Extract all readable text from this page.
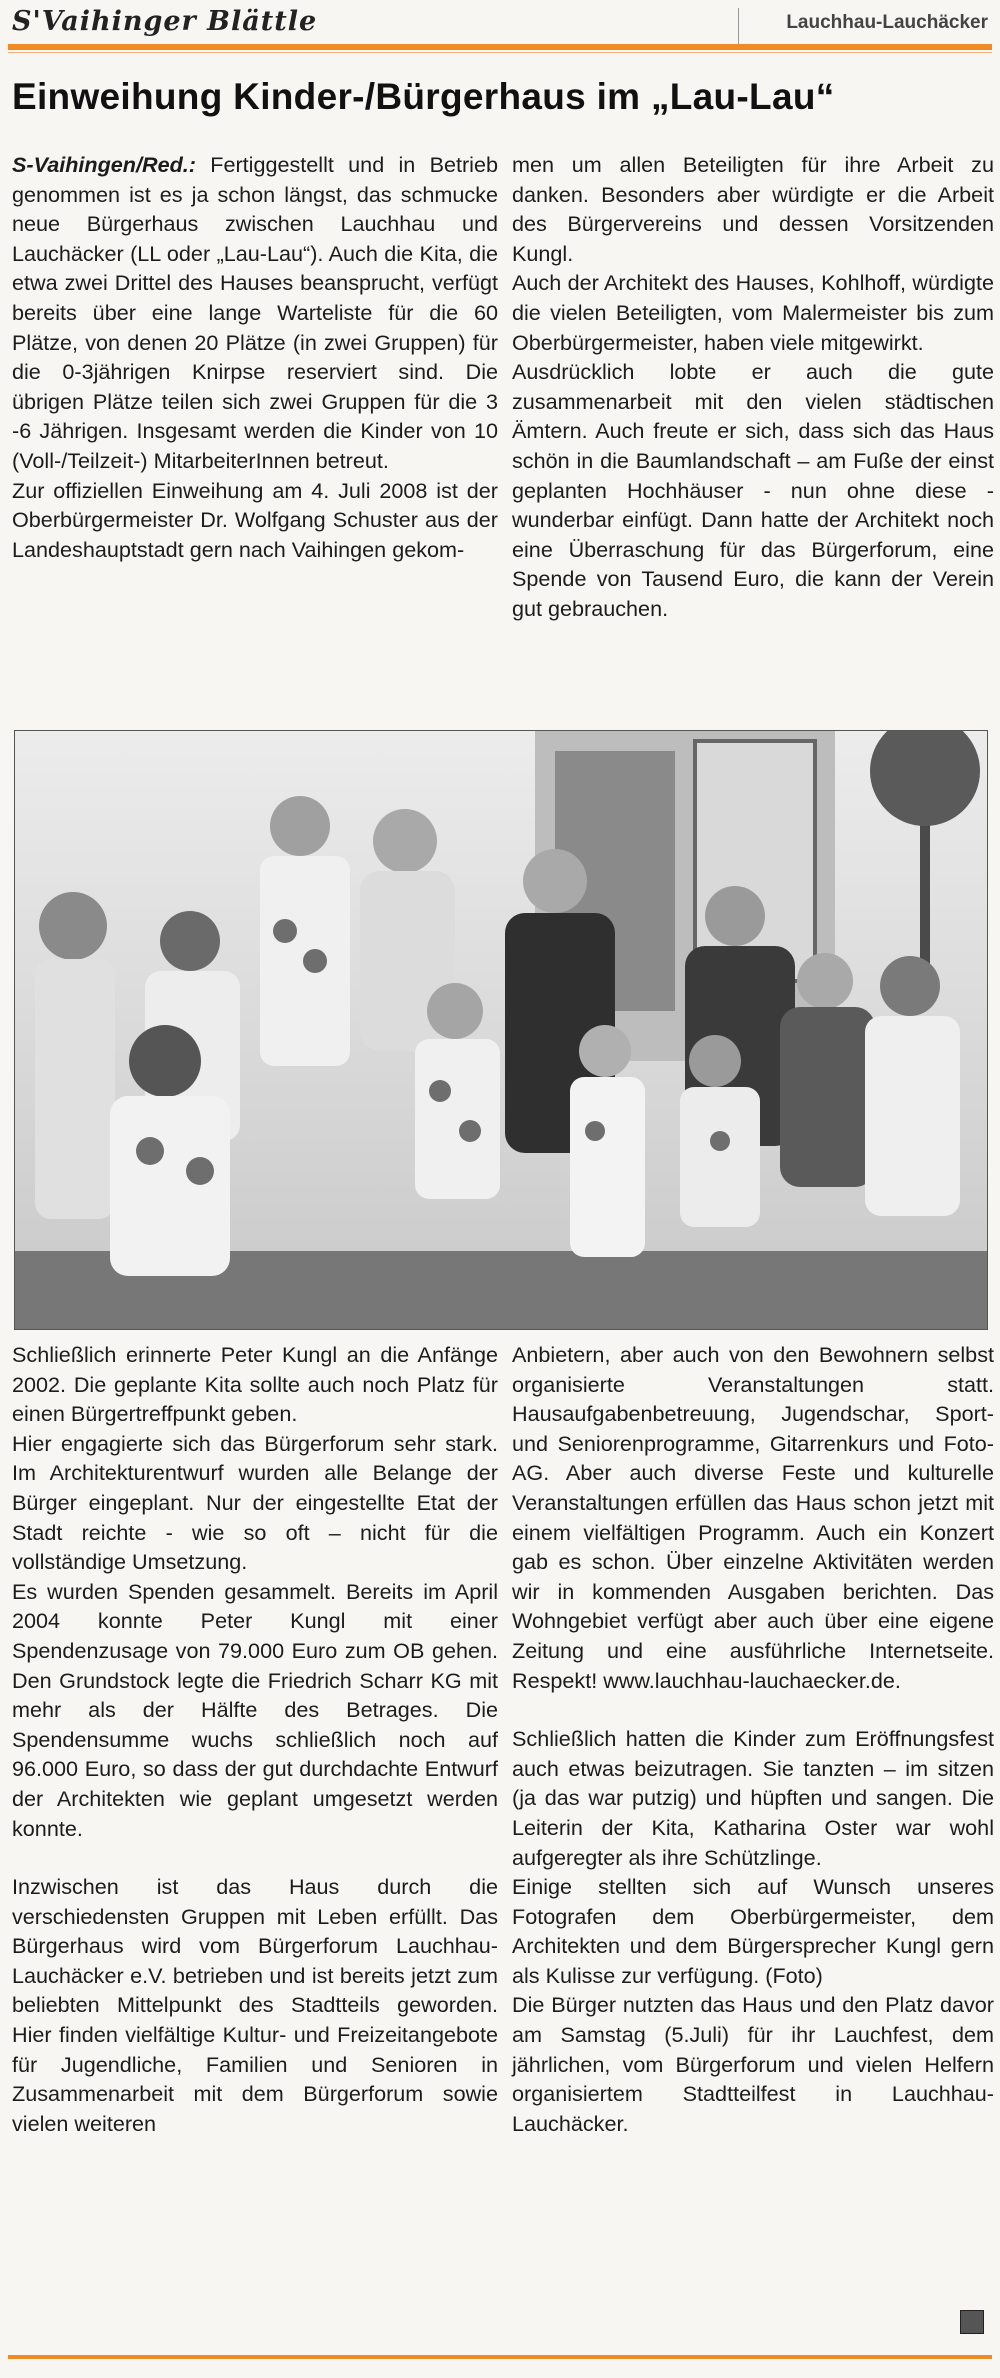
S'Vaihinger Blättle	Lauchhau-Lauchäcker
Einweihung Kinder-/Bürgerhaus im „Lau-Lau“

S-Vaihingen/Red.: Fertiggestellt und in Betrieb genommen ist es ja schon längst, das schmucke neue Bürgerhaus zwischen Lauchhau und Lauchäcker (LL oder „Lau-Lau“). Auch die Kita, die etwa zwei Drittel des Hauses beansprucht, verfügt bereits über eine lange Warteliste für die 60 Plätze, von denen 20 Plätze (in zwei Gruppen) für die 0-3jährigen Knirpse reserviert sind. Die übrigen Plätze teilen sich zwei Gruppen für die 3 -6 Jährigen. Insgesamt werden die Kinder von 10 (Voll-/Teilzeit-) MitarbeiterInnen betreut.

Zur offiziellen Einweihung am 4. Juli 2008 ist der Oberbürgermeister Dr. Wolfgang Schuster aus der Landeshauptstadt gern nach Vaihingen gekom-

men um allen Beteiligten für ihre Arbeit zu danken. Besonders aber würdigte er die Arbeit des Bürgervereins und dessen Vorsitzenden Kungl.

Auch der Architekt des Hauses, Kohlhoff, würdigte die vielen Beteiligten, vom Malermeister bis zum Oberbürgermeister, haben viele mitgewirkt.

Ausdrücklich lobte er auch die gute zusammenarbeit mit den vielen städtischen Ämtern. Auch freute er sich, dass sich das Haus schön in die Baumlandschaft – am Fuße der einst geplanten Hochhäuser - nun ohne diese - wunderbar einfügt. Dann hatte der Architekt noch eine Überraschung für das Bürgerforum, eine Spende von Tausend Euro, die kann der Verein gut gebrauchen.

Schließlich erinnerte Peter Kungl an die Anfänge 2002. Die geplante Kita sollte auch noch Platz für einen Bürgertreffpunkt geben.

Hier engagierte sich das Bürgerforum sehr stark. Im Architekturentwurf wurden alle Belange der Bürger eingeplant. Nur der eingestellte Etat der Stadt reichte - wie so oft – nicht für die vollständige Umsetzung.

Es wurden Spenden gesammelt. Bereits im April 2004 konnte Peter Kungl mit einer Spendenzusage von 79.000 Euro zum OB gehen. Den Grundstock legte die Friedrich Scharr KG mit mehr als der Hälfte des Betrages. Die Spendensumme wuchs schließlich noch auf 96.000 Euro, so dass der gut durchdachte Entwurf der Architekten wie geplant umgesetzt werden konnte.

Inzwischen ist das Haus durch die verschiedensten Gruppen mit Leben erfüllt. Das Bürgerhaus wird vom Bürgerforum Lauchhau-Lauchäcker e.V. betrieben und ist bereits jetzt zum beliebten Mittelpunkt des Stadtteils geworden. Hier finden vielfältige Kultur- und Freizeitangebote für Jugendliche, Familien und Senioren in Zusammenarbeit mit dem Bürgerforum sowie vielen weiteren

Anbietern, aber auch von den Bewohnern selbst organisierte Veranstaltungen statt. Hausaufgabenbetreuung, Jugendschar, Sport- und Seniorenprogramme, Gitarrenkurs und Foto-AG. Aber auch diverse Feste und kulturelle Veranstaltungen erfüllen das Haus schon jetzt mit einem vielfältigen Programm. Auch ein Konzert gab es schon. Über einzelne Aktivitäten werden wir in kommenden Ausgaben berichten. Das Wohngebiet verfügt aber auch über eine eigene Zeitung und eine ausführliche Internetseite. Respekt! www.lauchhau-lauchaecker.de.

Schließlich hatten die Kinder zum Eröffnungsfest auch etwas beizutragen. Sie tanzten – im sitzen (ja das war putzig) und hüpften und sangen. Die Leiterin der Kita, Katharina Oster war wohl aufgeregter als ihre Schützlinge.

Einige stellten sich auf Wunsch unseres Fotografen dem Oberbürgermeister, dem Architekten und dem Bürgersprecher Kungl gern als Kulisse zur verfügung. (Foto)

Die Bürger nutzten das Haus und den Platz davor am Samstag (5.Juli) für ihr Lauchfest, dem jährlichen, vom Bürgerforum und vielen Helfern organisiertem Stadtteilfest in Lauchhau-Lauchäcker.
